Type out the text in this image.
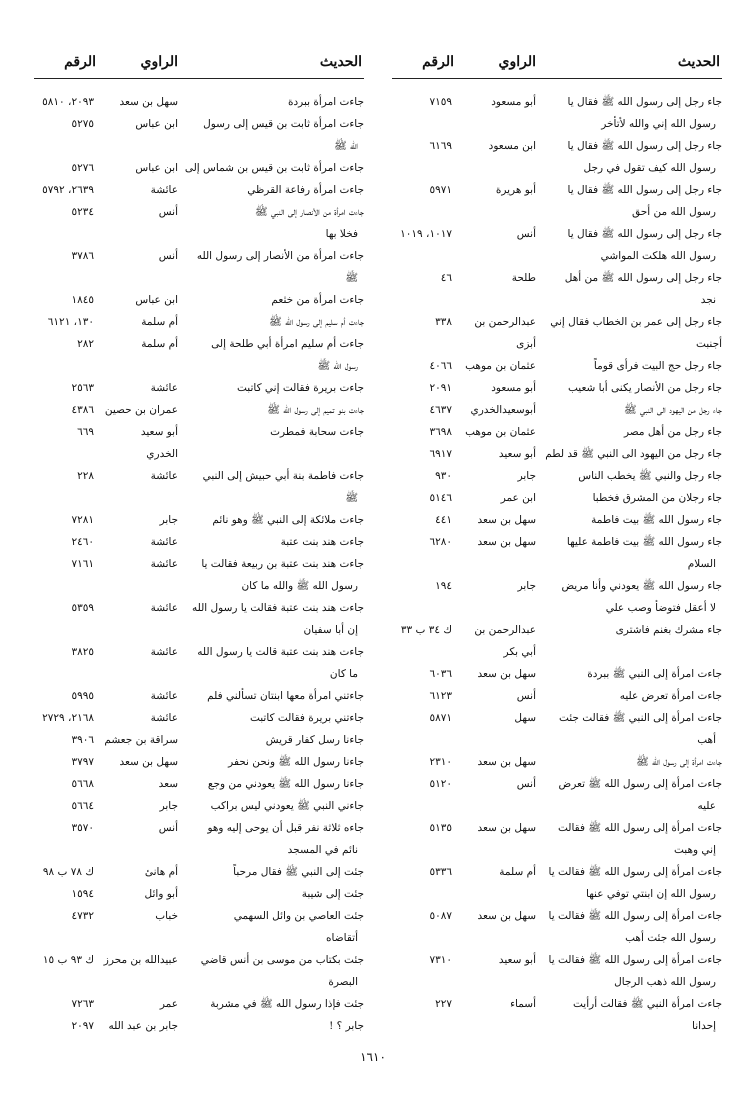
الحديث
الراوي
الرقم
جاء رجل إلى رسول الله ﷺ فقال يا
أبو مسعود
٧١٥٩
رسول الله إني والله لأتأخر
جاء رجل إلى رسول الله ﷺ فقال يا
ابن مسعود
٦١٦٩
رسول الله كيف تقول في رجل
جاء رجل إلى رسول الله ﷺ فقال يا
أبو هريرة
٥٩٧١
رسول الله من أحق
جاء رجل إلى رسول الله ﷺ فقال يا
أنس
١٠١٧، ١٠١٩
رسول الله هلكت المواشي
جاء رجل إلى رسول الله ﷺ من أهل
طلحة
٤٦
نجد
جاء رجل إلى عمر بن الخطاب فقال إني
عبدالرحمن بن
٣٣٨
أجنبت
أبزى
جاء رجل حج البيت فرأى قوماً
عثمان بن موهب
٤٠٦٦
جاء رجل من الأنصار يكنى أبا شعيب
أبو مسعود
٢٠٩١
جاء رجل من اليهود الى النبي ﷺ
أبوسعيدالخدري
٤٦٣٧
جاء رجل من أهل مصر
عثمان بن موهب
٣٦٩٨
جاء رجل من اليهود الى النبي ﷺ قد لطم
أبو سعيد
٦٩١٧
جاء رجل والنبي ﷺ يخطب الناس
جابر
٩٣٠
جاء رجلان من المشرق فخطبا
ابن عمر
٥١٤٦
جاء رسول الله ﷺ بيت فاطمة
سهل بن سعد
٤٤١
جاء رسول الله ﷺ بيت فاطمة عليها
سهل بن سعد
٦٢٨٠
السلام
جاء رسول الله ﷺ يعودني وأنا مريض
جابر
١٩٤
لا أعقل فتوضأ وصب علي
جاء مشرك بغنم فاشترى
عبدالرحمن بن
ك ٣٤ ب ٣٣
أبي بكر
جاءت امرأة إلى النبي ﷺ ببردة
سهل بن سعد
٦٠٣٦
جاءت امرأة تعرض عليه
أنس
٦١٢٣
جاءت امرأة إلى النبي ﷺ فقالت جئت
سهل
٥٨٧١
أهب
جاءت امرأة إلى رسول الله ﷺ
سهل بن سعد
٢٣١٠
جاءت امرأة إلى رسول الله ﷺ تعرض
أنس
٥١٢٠
عليه
جاءت امرأة إلى رسول الله ﷺ فقالت
سهل بن سعد
٥١٣٥
إني وهبت
جاءت امرأة إلى رسول الله ﷺ فقالت يا
أم سلمة
٥٣٣٦
رسول الله إن ابنتي توفي عنها
جاءت امرأة إلى رسول الله ﷺ فقالت يا
سهل بن سعد
٥٠٨٧
رسول الله جئت أهب
جاءت امرأة إلى رسول الله ﷺ فقالت يا
أبو سعيد
٧٣١٠
رسول الله ذهب الرجال
جاءت امرأة النبي ﷺ فقالت أرأيت
أسماء
٢٢٧
إحدانا
الحديث
الراوي
الرقم
جاءت امرأة ببردة
سهل بن سعد
٢٠٩٣، ٥٨١٠
جاءت امرأة ثابت بن قيس إلى رسول
ابن عباس
٥٢٧٥
الله ﷺ
جاءت امرأة ثابت بن قيس بن شماس إلى
ابن عباس
٥٢٧٦
جاءت امرأة رفاعة القرظي
عائشة
٢٦٣٩، ٥٧٩٢
جاءت امرأة من الأنصار إلى النبي ﷺ
أنس
٥٢٣٤
فخلا بها
جاءت امرأة من الأنصار إلى رسول الله
أنس
٣٧٨٦
ﷺ
جاءت امرأة من خثعم
ابن عباس
١٨٤٥
جاءت أم سليم إلى رسول الله ﷺ
أم سلمة
١٣٠، ٦١٢١
جاءت أم سليم امرأة أبي طلحة إلى
أم سلمة
٢٨٢
رسول الله ﷺ
جاءت بريرة فقالت إني كاتبت
عائشة
٢٥٦٣
جاءت بنو تميم إلى رسول الله ﷺ
عمران بن حصين
٤٣٨٦
جاءت سحابة فمطرت
أبو سعيد
٦٦٩
الخدري
جاءت فاطمة بنة أبي حبيش إلى النبي
عائشة
٢٢٨
ﷺ
جاءت ملائكة إلى النبي ﷺ وهو نائم
جابر
٧٢٨١
جاءت هند بنت عتبة
عائشة
٢٤٦٠
جاءت هند بنت عتبة بن ربيعة فقالت يا
عائشة
٧١٦١
رسول الله ﷺ والله ما كان
جاءت هند بنت عتبة فقالت يا رسول الله
عائشة
٥٣٥٩
إن أبا سفيان
جاءت هند بنت عتبة قالت يا رسول الله
عائشة
٣٨٢٥
ما كان
جاءتني امرأة معها ابنتان تسألني فلم
عائشة
٥٩٩٥
جاءتني بريرة فقالت كاتبت
عائشة
٢١٦٨، ٢٧٢٩
جاءنا رسل كفار قريش
سراقة بن جعشم
٣٩٠٦
جاءنا رسول الله ﷺ ونحن نحفر
سهل بن سعد
٣٧٩٧
جاءنا رسول الله ﷺ يعودني من وجع
سعد
٥٦٦٨
جاءني النبي ﷺ يعودني ليس براكب
جابر
٥٦٦٤
جاءه ثلاثة نفر قبل أن يوحى إليه وهو
أنس
٣٥٧٠
نائم في المسجد
جئت إلى النبي ﷺ فقال مرحباً
أم هانئ
ك ٧٨ ب ٩٨
جئت إلى شيبة
أبو وائل
١٥٩٤
جئت العاصي بن وائل السهمي
خباب
٤٧٣٢
أتقاضاه
جئت بكتاب من موسى بن أنس قاضي
عبيدالله بن محرز
ك ٩٣ ب ١٥
البصرة
جئت فإذا رسول الله ﷺ في مشربة
عمر
٧٢٦٣
جابر ؟ !
جابر بن عبد الله
٢٠٩٧
١٦١٠
